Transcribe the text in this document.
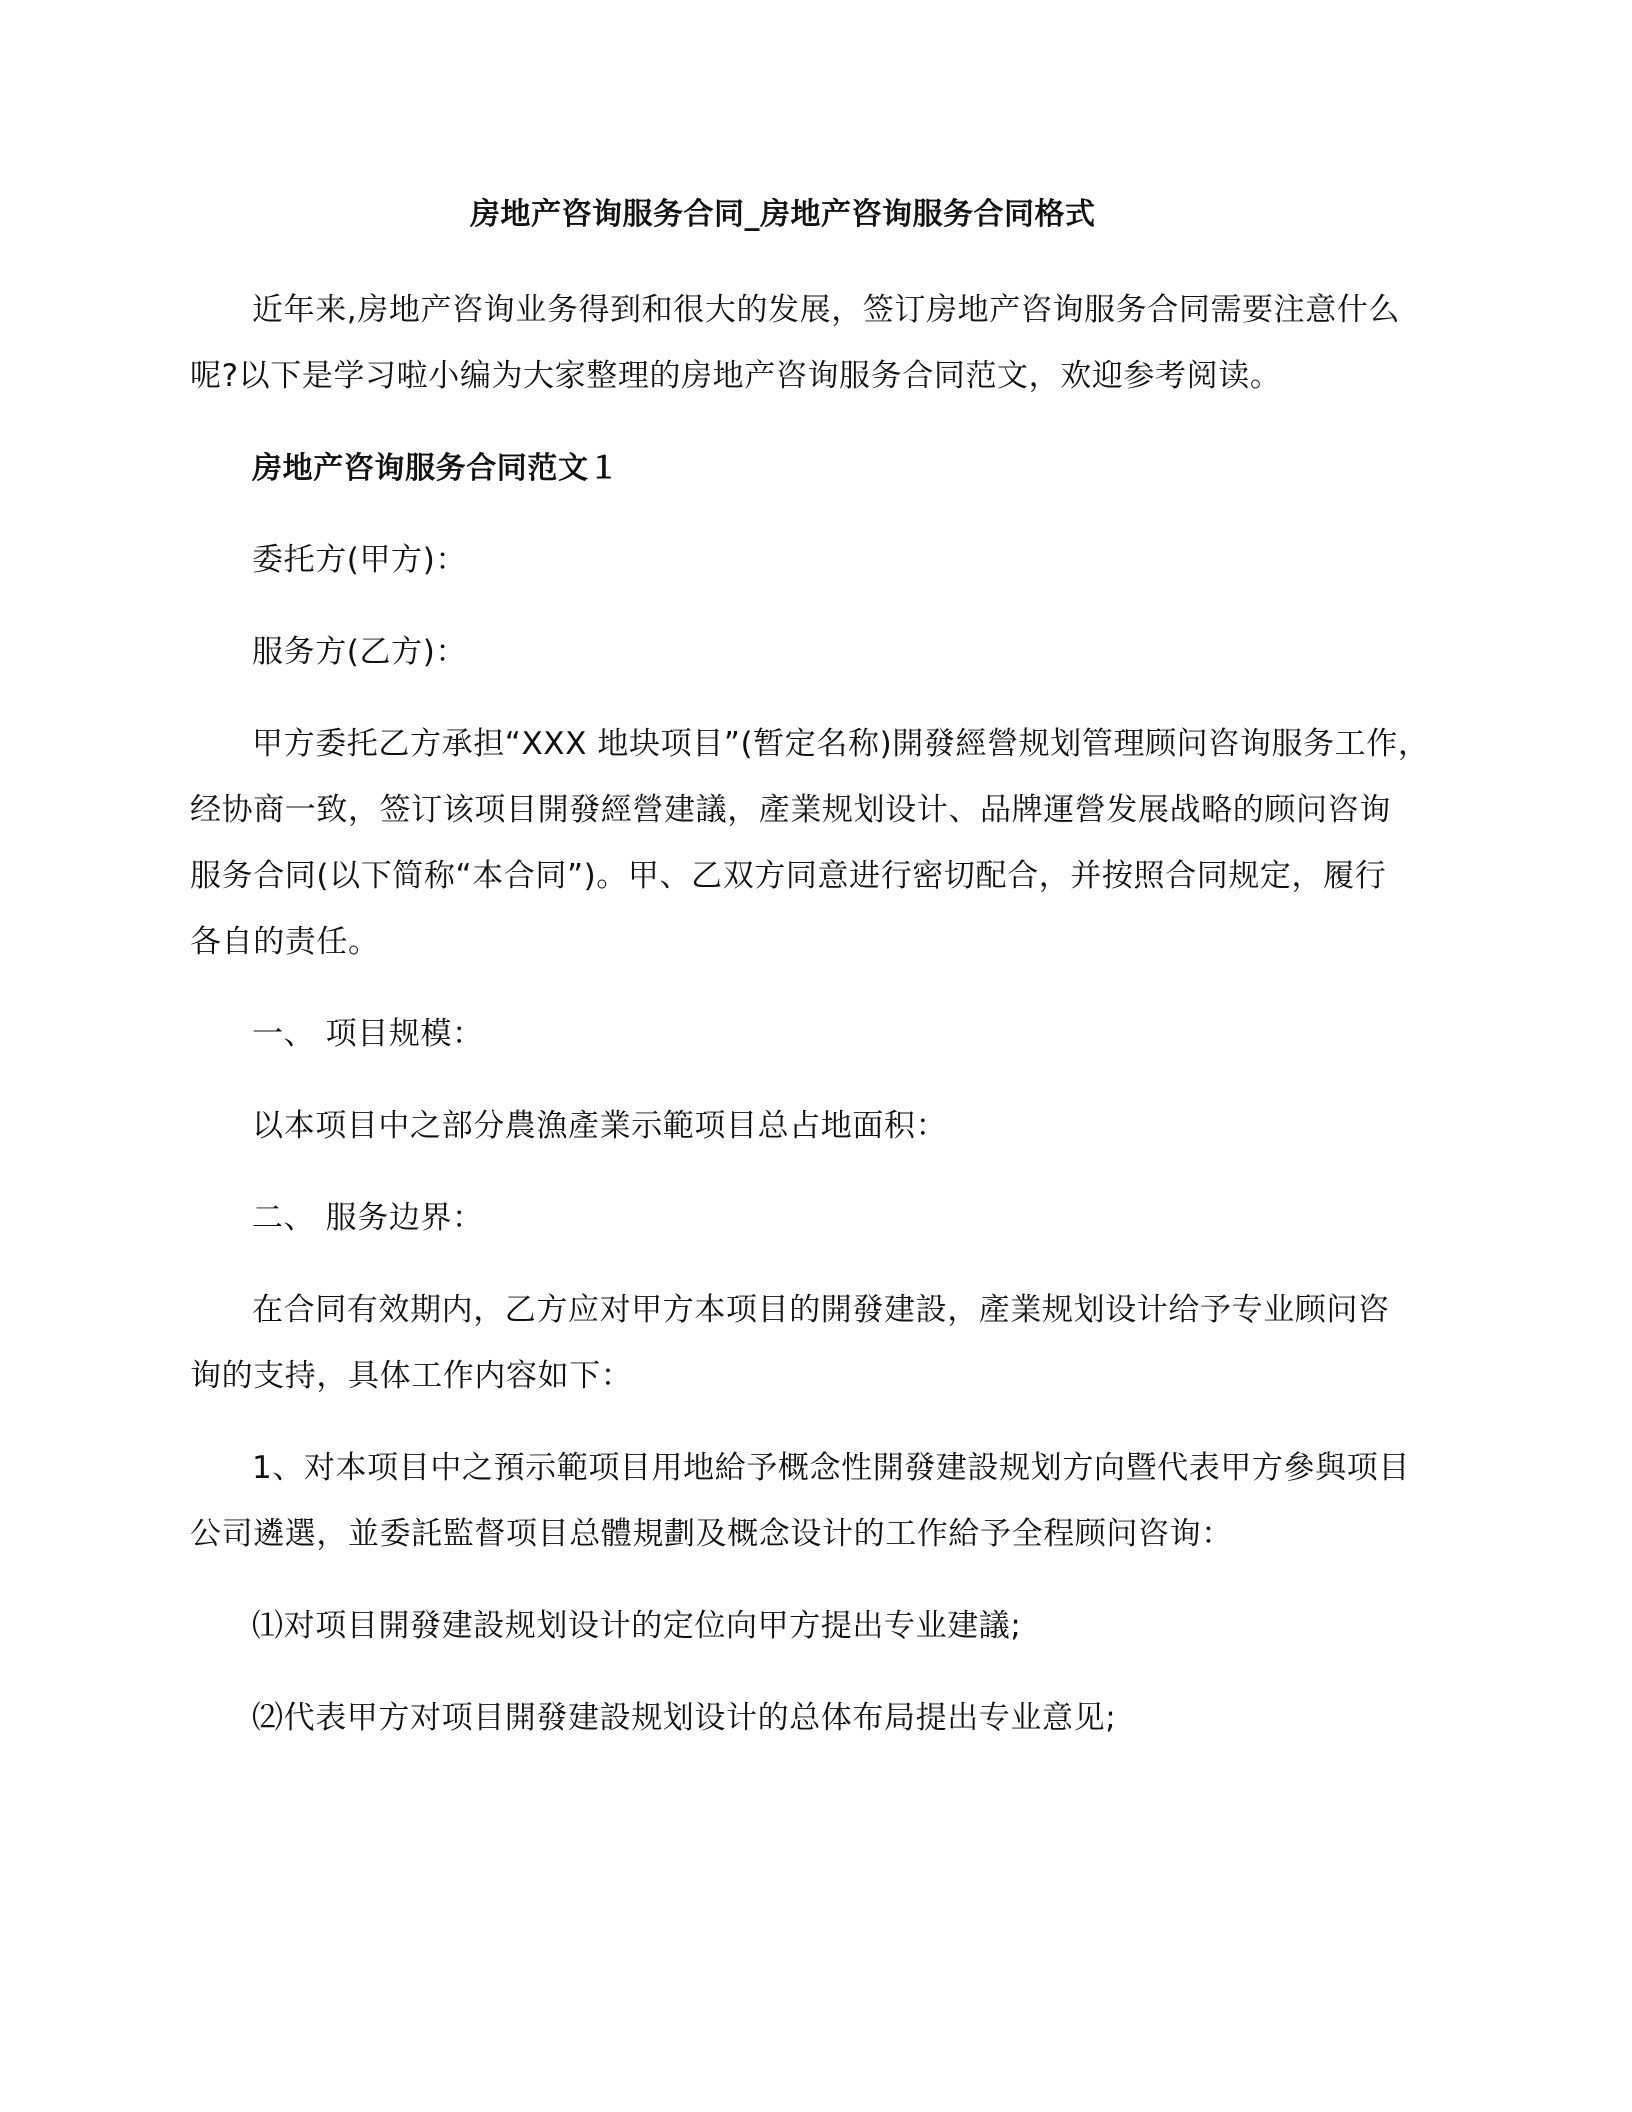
房地产咨询服务合同_房地产咨询服务合同格式
近年来,房地产咨询业务得到和很大的发展，签订房地产咨询服务合同需要注意什么
呢?以下是学习啦小编为大家整理的房地产咨询服务合同范文，欢迎参考阅读。
房地产咨询服务合同范文１
委托方(甲方)：
服务方(乙方)：
甲方委托乙方承担“XXX 地块项目”(暂定名称)開發經營规划管理顾问咨询服务工作，
经协商一致，签订该项目開發經營建議，產業规划设计、品牌運營发展战略的顾问咨询
服务合同(以下简称“本合同”)。甲、乙双方同意进行密切配合，并按照合同规定，履行
各自的责任。
一、 项目规模：
以本项目中之部分農漁產業示範项目总占地面积：
二、 服务边界：
在合同有效期内，乙方应对甲方本项目的開發建設，產業规划设计给予专业顾问咨
询的支持，具体工作内容如下：
1、对本项目中之預示範项目用地給予概念性開發建設规划方向暨代表甲方參與项目
公司遴選，並委託監督项目总體規劃及概念设计的工作給予全程顾问咨询：
⑴对项目開發建設规划设计的定位向甲方提出专业建議;
⑵代表甲方对项目開發建設规划设计的总体布局提出专业意见;
